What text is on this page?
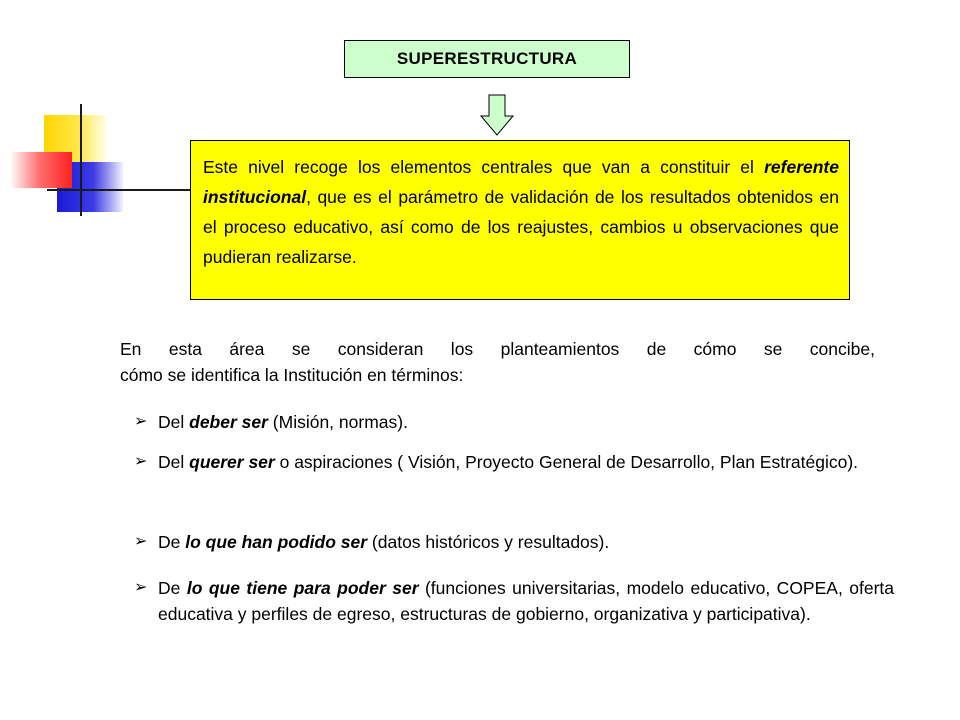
SUPERESTRUCTURA
Este nivel recoge los elementos centrales que van a constituir el referente institucional, que es el parámetro de validación de los resultados obtenidos en el proceso educativo, así como de los reajustes, cambios u observaciones que pudieran realizarse.
En esta área se consideran los planteamientos de cómo se concibe,
cómo se identifica la Institución en términos:
➢ Del deber ser (Misión, normas).
➢ Del querer ser o aspiraciones ( Visión, Proyecto General de Desarrollo, Plan Estratégico).
➢ De lo que han podido ser (datos históricos y resultados).
➢ De lo que tiene para poder ser (funciones universitarias, modelo educativo, COPEA, oferta educativa y perfiles de egreso, estructuras de gobierno, organizativa y participativa).
